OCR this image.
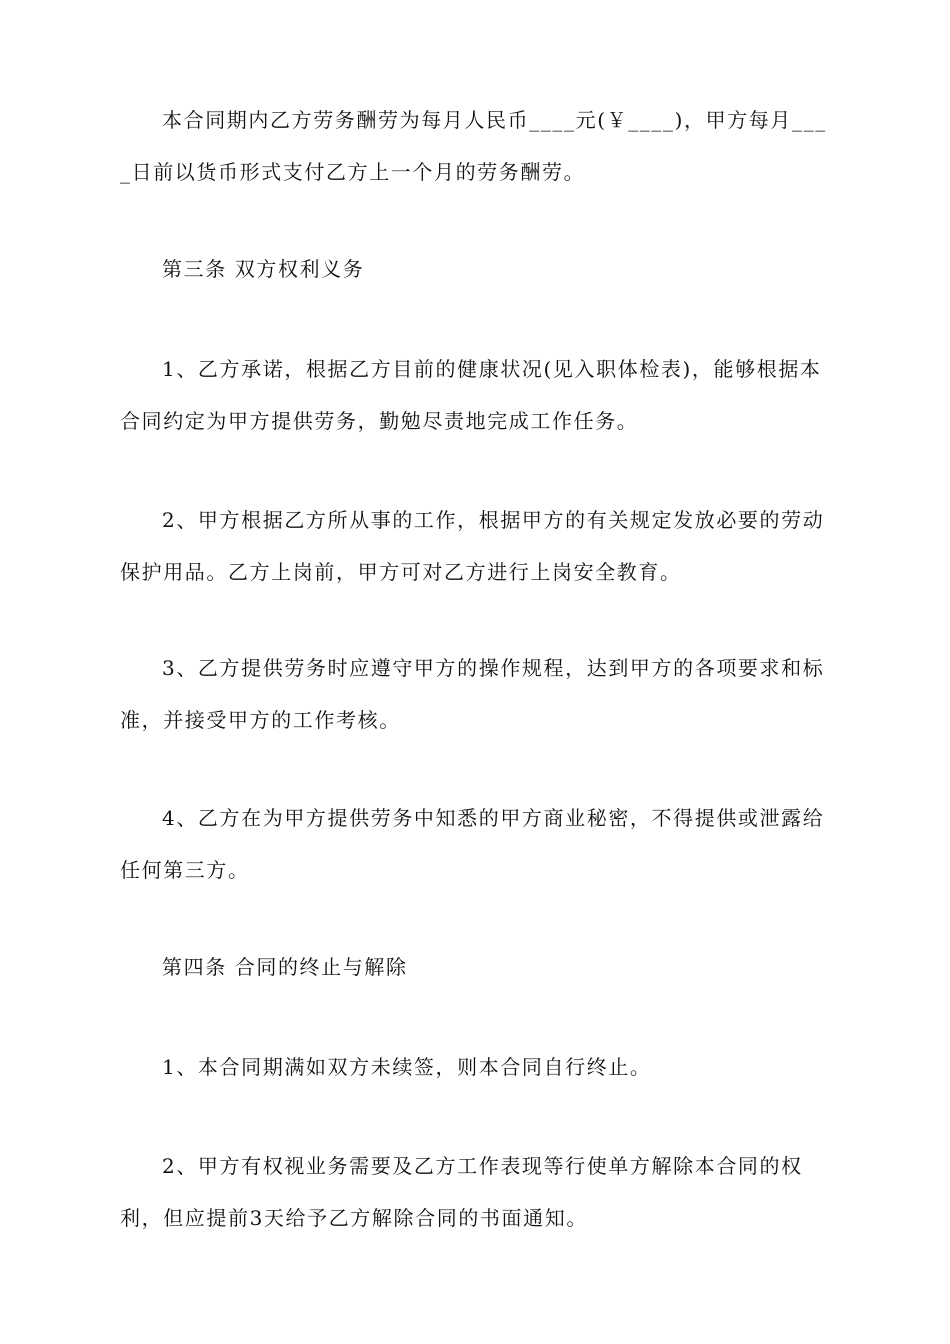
本合同期内乙方劳务酬劳为每月人民币____元(￥____)，甲方每月____日前以货币形式支付乙方上一个月的劳务酬劳。

第三条 双方权利义务

1、乙方承诺，根据乙方目前的健康状况(见入职体检表)，能够根据本合同约定为甲方提供劳务，勤勉尽责地完成工作任务。

2、甲方根据乙方所从事的工作，根据甲方的有关规定发放必要的劳动保护用品。乙方上岗前，甲方可对乙方进行上岗安全教育。

3、乙方提供劳务时应遵守甲方的操作规程，达到甲方的各项要求和标准，并接受甲方的工作考核。

4、乙方在为甲方提供劳务中知悉的甲方商业秘密，不得提供或泄露给任何第三方。

第四条 合同的终止与解除

1、本合同期满如双方未续签，则本合同自行终止。

2、甲方有权视业务需要及乙方工作表现等行使单方解除本合同的权利，但应提前3天给予乙方解除合同的书面通知。
